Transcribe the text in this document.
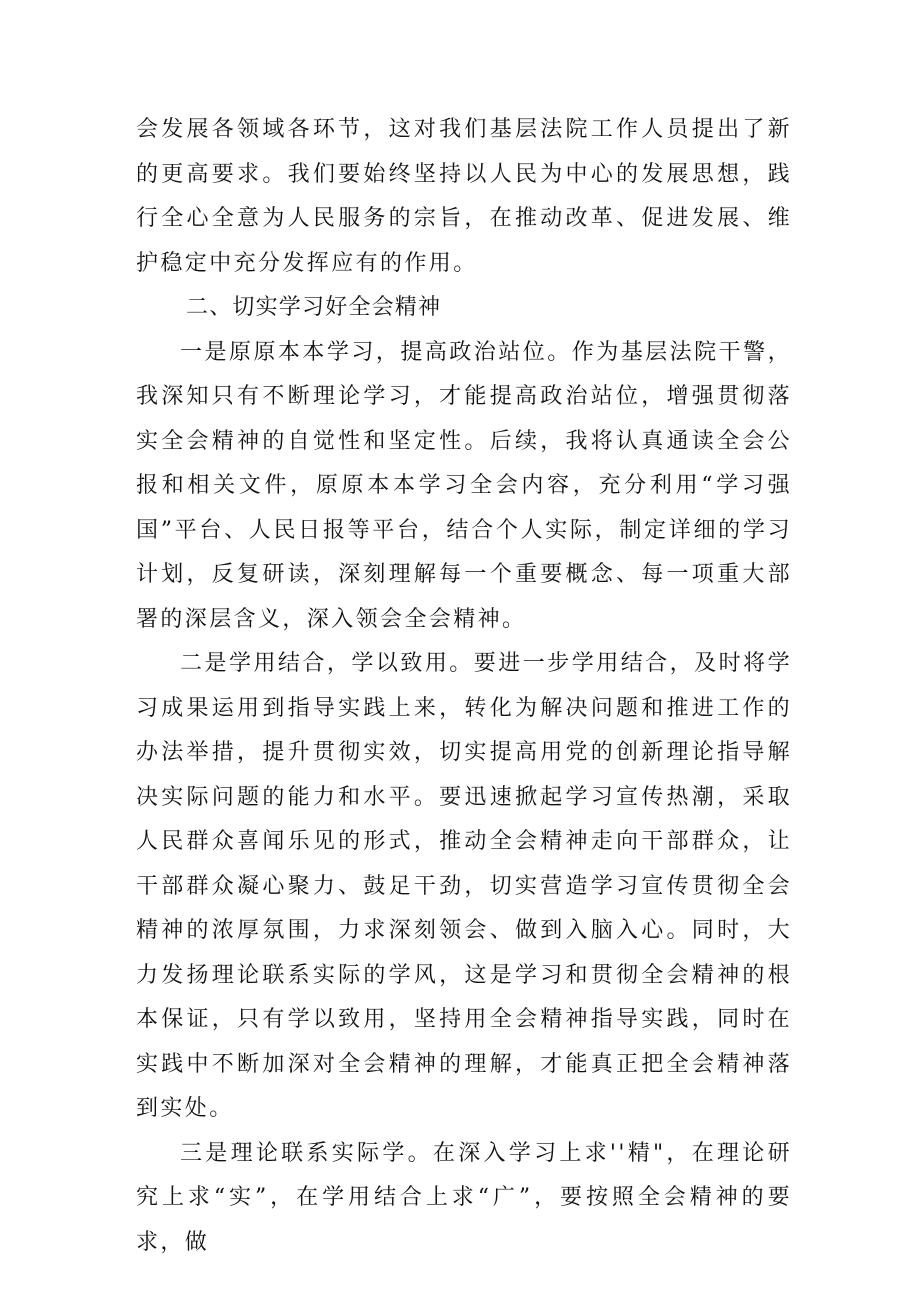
会发展各领域各环节，这对我们基层法院工作人员提出了新的更高要求。我们要始终坚持以人民为中心的发展思想，践行全心全意为人民服务的宗旨，在推动改革、促进发展、维护稳定中充分发挥应有的作用。

二、切实学习好全会精神

一是原原本本学习，提高政治站位。作为基层法院干警，我深知只有不断理论学习，才能提高政治站位，增强贯彻落实全会精神的自觉性和坚定性。后续，我将认真通读全会公报和相关文件，原原本本学习全会内容，充分利用“学习强国”平台、人民日报等平台，结合个人实际，制定详细的学习计划，反复研读，深刻理解每一个重要概念、每一项重大部署的深层含义，深入领会全会精神。

二是学用结合，学以致用。要进一步学用结合，及时将学习成果运用到指导实践上来，转化为解决问题和推进工作的办法举措，提升贯彻实效，切实提高用党的创新理论指导解决实际问题的能力和水平。要迅速掀起学习宣传热潮，采取人民群众喜闻乐见的形式，推动全会精神走向干部群众，让干部群众凝心聚力、鼓足干劲，切实营造学习宣传贯彻全会精神的浓厚氛围，力求深刻领会、做到入脑入心。同时，大力发扬理论联系实际的学风，这是学习和贯彻全会精神的根本保证，只有学以致用，坚持用全会精神指导实践，同时在实践中不断加深对全会精神的理解，才能真正把全会精神落到实处。

三是理论联系实际学。在深入学习上求''精"，在理论研究上求“实”，在学用结合上求“广”，要按照全会精神的要求，做
